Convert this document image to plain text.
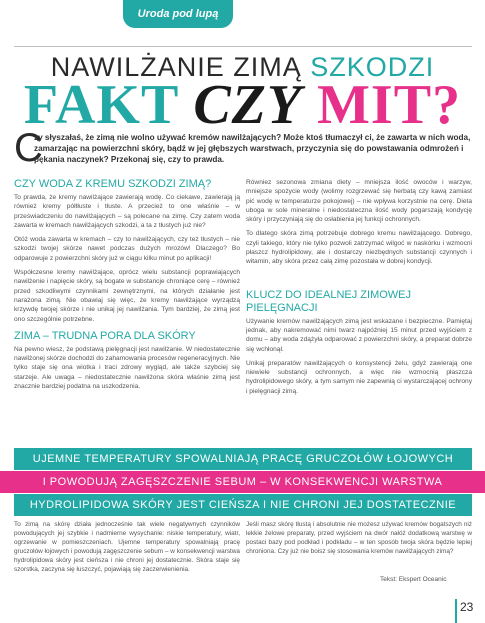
Uroda pod lupą
NAWILŻANIE ZIMĄ SZKODZI
FAKT CZY MIT?
C
zy słyszałaś, że zimą nie wolno używać kremów nawilżających? Może ktoś tłumaczył ci, że zawarta w nich woda, zamarzając na powierzchni skóry, bądź w jej głębszych warstwach, przyczynia się do powstawania odmrożeń i pękania naczynek? Przekonaj się, czy to prawda.
CZY WODA Z KREMU SZKODZI ZIMĄ?

To prawda, że kremy nawilżające zawierają wodę. Co ciekawe, zawierają ją również kremy półtłuste i tłuste. A przecież to one właśnie – w przeświadczeniu do nawilżających – są polecane na zimę. Czy zatem woda zawarta w kremach nawilżających szkodzi, a ta z tłustych już nie?

Otóż woda zawarta w kremach – czy to nawilżających, czy też tłustych – nie szkodzi twojej skórze nawet podczas dużych mrozów! Dlaczego? Bo odparowuje z powierzchni skóry już w ciągu kilku minut po aplikacji!

Współczesne kremy nawilżające, oprócz wielu substancji poprawiających nawilżenie i napięcie skóry, są bogate w substancje chroniące cerę – również przed szkodliwymi czynnikami zewnętrznymi, na których działanie jest narażona zimą. Nie obawiaj się więc, że kremy nawilżające wyrządzą krzywdę twojej skórze i nie unikaj jej nawilżania. Tym bardziej, że zimą jest ono szczególnie potrzebne.

ZIMA – TRUDNA PORA DLA SKÓRY

Na pewno wiesz, że podstawą pielęgnacji jest nawilżanie. W niedostatecznie nawilżonej skórze dochodzi do zahamowania procesów regeneracyjnych. Nie tylko staje się ona wiotka i traci zdrowy wygląd, ale także szybciej się starzeje. Ale uwaga – niedostatecznie nawilżona skóra właśnie zimą jest znacznie bardziej podatna na uszkodzenia.

Równiez sezonowa zmiana diety – mniejsza ilość owoców i warzyw, mniejsze spożycie wody (wolimy rozgrzewać się herbatą czy kawą zamiast pić wodę w temperaturze pokojowej) – nie wpływa korzystnie na cerę. Dieta uboga w sole mineralne i niedostateczna ilość wody pogarszają kondycję skóry i przyczyniają się do osłabienia jej funkcji ochronnych.

To dlatego skóra zimą potrzebuje dobrego kremu nawilżającego. Dobrego, czyli takiego, który nie tylko pozwoli zatrzymać wilgoć w naskórku i wzmocni płaszcz hydrolipidowy, ale i dostarczy niezbędnych substancji czynnych i witamin, aby skóra przez całą zimę pozostała w dobrej kondycji.

KLUCZ DO IDEALNEJ ZIMOWEJ PIELĘGNACJI

Używanie kremów nawilżających zimą jest wskazane i bezpieczne. Pamiętaj jednak, aby nakremować nimi twarz najpóźniej 15 minut przed wyjściem z domu – aby woda zdążyła odparować z powierzchni skóry, a preparat dobrze się wchłonął.

Unikaj preparatów nawilżających o konsystencji żelu, gdyż zawierają one niewiele substancji ochronnych, a więc nie wzmocnią płaszcza hydrolipidowego skóry, a tym samym nie zapewnią ci wystarczającej ochrony i pielęgnacji zimą.

UJEMNE TEMPERATURY SPOWALNIAJĄ PRACĘ GRUCZOŁÓW ŁOJOWYCH
I POWODUJĄ ZAGĘSZCZENIE SEBUM – W KONSEKWENCJI WARSTWA
HYDROLIPIDOWA SKÓRY JEST CIEŃSZA I NIE CHRONI JEJ DOSTATECZNIE

To zimą na skórę działa jednocześnie tak wiele negatywnych czynników powodujących jej szybkie i nadmierne wysychanie: niskie temperatury, wiatr, ogrzewanie w pomieszczeniach. Ujemne temperatury spowalniają pracę gruczołów łojowych i powodują zagęszczenie sebum – w konsekwencji warstwa hydrolipidowa skóry jest cieńsza i nie chroni jej dostatecznie. Skóra staje się szorstka, zaczyna się łuszczyć, pojawiają się zaczerwienienia.

Jeśli masz skórę tłustą i absolutnie nie możesz używać kremów bogatszych niż lekkie żelowe preparaty, przed wyjściem na dwór nałóż dodatkową warstwę w postaci bazy pod podkład i podkładu – w ten sposób twoja skóra będzie lepiej chroniona. Czy już nie boisz się stosowania kremów nawilżających zimą?

Tekst: Ekspert Oceanic
23
